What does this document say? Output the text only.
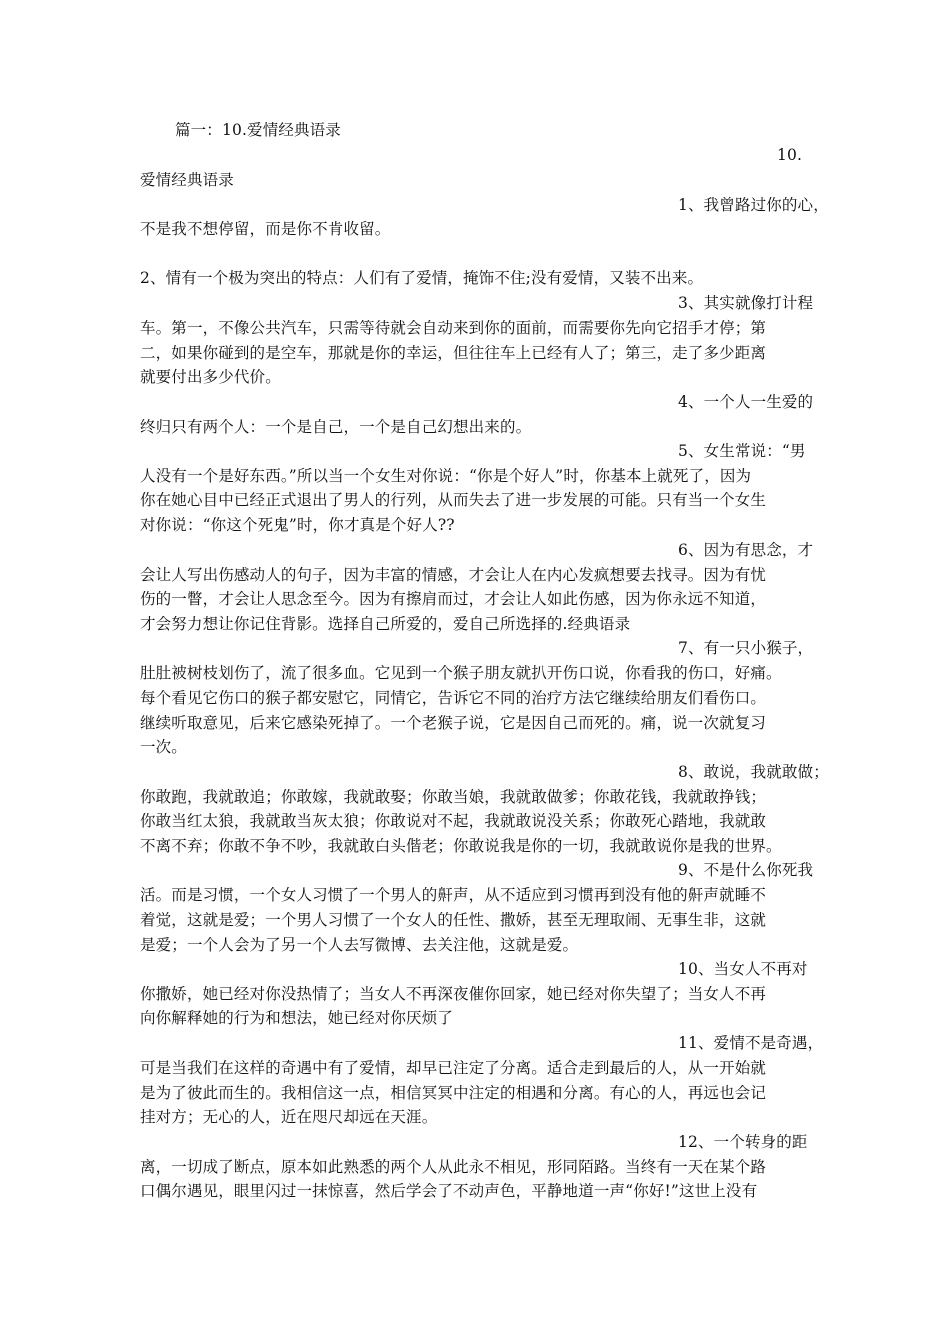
篇一：10.爱情经典语录
10.
爱情经典语录
1、我曾路过你的心，
不是我不想停留，而是你不肯收留。
2、情有一个极为突出的特点：人们有了爱情，掩饰不住;没有爱情，又装不出来。
3、其实就像打计程
车。第一，不像公共汽车，只需等待就会自动来到你的面前，而需要你先向它招手才停；第
二，如果你碰到的是空车，那就是你的幸运，但往往车上已经有人了；第三，走了多少距离
就要付出多少代价。
4、一个人一生爱的
终归只有两个人：一个是自己，一个是自己幻想出来的。
5、女生常说：“男
人没有一个是好东西。”所以当一个女生对你说：“你是个好人”时，你基本上就死了，因为
你在她心目中已经正式退出了男人的行列，从而失去了进一步发展的可能。只有当一个女生
对你说：“你这个死鬼”时，你才真是个好人??
6、因为有思念，才
会让人写出伤感动人的句子，因为丰富的情感，才会让人在内心发疯想要去找寻。因为有忧
伤的一瞥，才会让人思念至今。因为有擦肩而过，才会让人如此伤感，因为你永远不知道，
才会努力想让你记住背影。选择自己所爱的，爱自己所选择的.经典语录
7、有一只小猴子，
肚肚被树枝划伤了，流了很多血。它见到一个猴子朋友就扒开伤口说，你看我的伤口，好痛。
每个看见它伤口的猴子都安慰它，同情它，告诉它不同的治疗方法它继续给朋友们看伤口。
继续听取意见，后来它感染死掉了。一个老猴子说，它是因自己而死的。痛，说一次就复习
一次。
8、敢说，我就敢做；
你敢跑，我就敢追；你敢嫁，我就敢娶；你敢当娘，我就敢做爹；你敢花钱，我就敢挣钱；
你敢当红太狼，我就敢当灰太狼；你敢说对不起，我就敢说没关系；你敢死心踏地，我就敢
不离不弃；你敢不争不吵，我就敢白头偕老；你敢说我是你的一切，我就敢说你是我的世界。
9、不是什么你死我
活。而是习惯，一个女人习惯了一个男人的鼾声，从不适应到习惯再到没有他的鼾声就睡不
着觉，这就是爱；一个男人习惯了一个女人的任性、撒娇，甚至无理取闹、无事生非，这就
是爱；一个人会为了另一个人去写微博、去关注他，这就是爱。
10、当女人不再对
你撒娇，她已经对你没热情了；当女人不再深夜催你回家，她已经对你失望了；当女人不再
向你解释她的行为和想法，她已经对你厌烦了
11、爱情不是奇遇，
可是当我们在这样的奇遇中有了爱情，却早已注定了分离。适合走到最后的人，从一开始就
是为了彼此而生的。我相信这一点，相信冥冥中注定的相遇和分离。有心的人，再远也会记
挂对方；无心的人，近在咫尺却远在天涯。
12、一个转身的距
离，一切成了断点，原本如此熟悉的两个人从此永不相见，形同陌路。当终有一天在某个路
口偶尔遇见，眼里闪过一抹惊喜，然后学会了不动声色，平静地道一声“你好!”这世上没有
